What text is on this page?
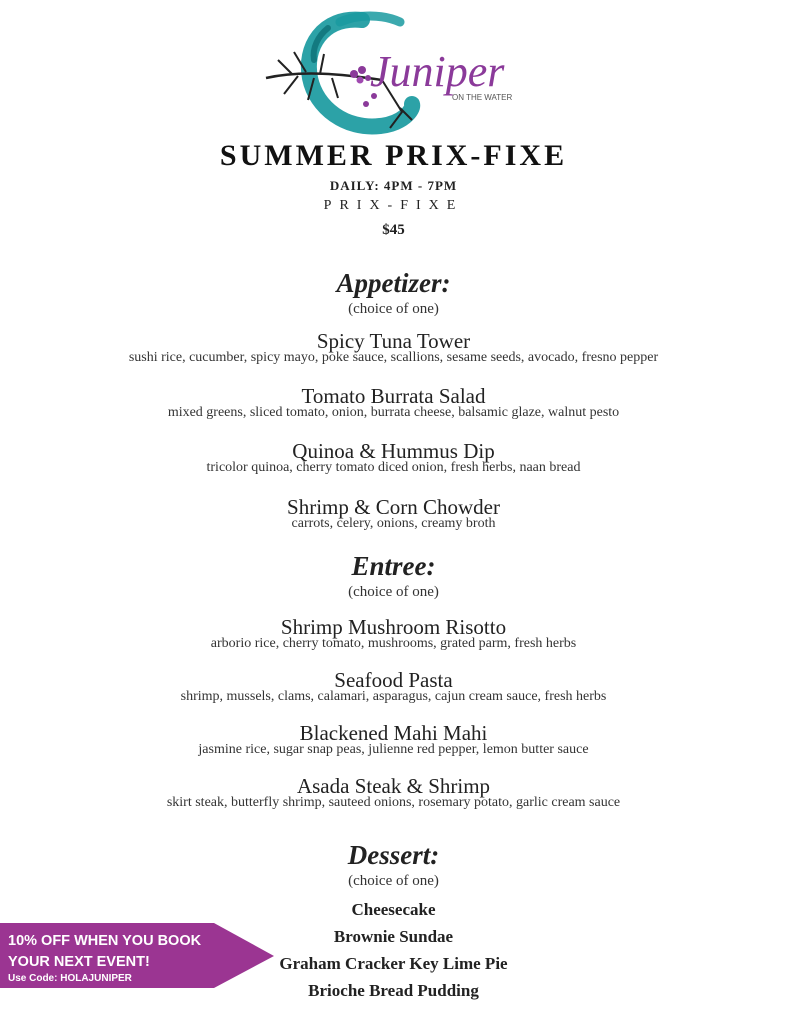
Juniper
ON THE WATER
SUMMER PRIX-FIXE
DAILY: 4PM - 7PM
PRIX-FIXE
$45
Appetizer:
(choice of one)
Spicy Tuna Tower
sushi rice, cucumber, spicy mayo, poke sauce, scallions, sesame seeds, avocado, fresno pepper
Tomato Burrata Salad
mixed greens, sliced tomato, onion, burrata cheese, balsamic glaze, walnut pesto
Quinoa & Hummus Dip
tricolor quinoa, cherry tomato diced onion, fresh herbs, naan bread
Shrimp & Corn Chowder
carrots, celery, onions, creamy broth
Entree:
(choice of one)
Shrimp Mushroom Risotto
arborio rice, cherry tomato, mushrooms, grated parm, fresh herbs
Seafood Pasta
shrimp, mussels, clams, calamari, asparagus, cajun cream sauce, fresh herbs
Blackened Mahi Mahi
jasmine rice, sugar snap peas, julienne red pepper, lemon butter sauce
Asada Steak & Shrimp
skirt steak, butterfly shrimp, sauteed onions, rosemary potato, garlic cream sauce
Dessert:
(choice of one)
Cheesecake
Brownie Sundae
Graham Cracker Key Lime Pie
Brioche Bread Pudding
10% OFF WHEN YOU BOOK
YOUR NEXT EVENT!
Use Code: HOLAJUNIPER
